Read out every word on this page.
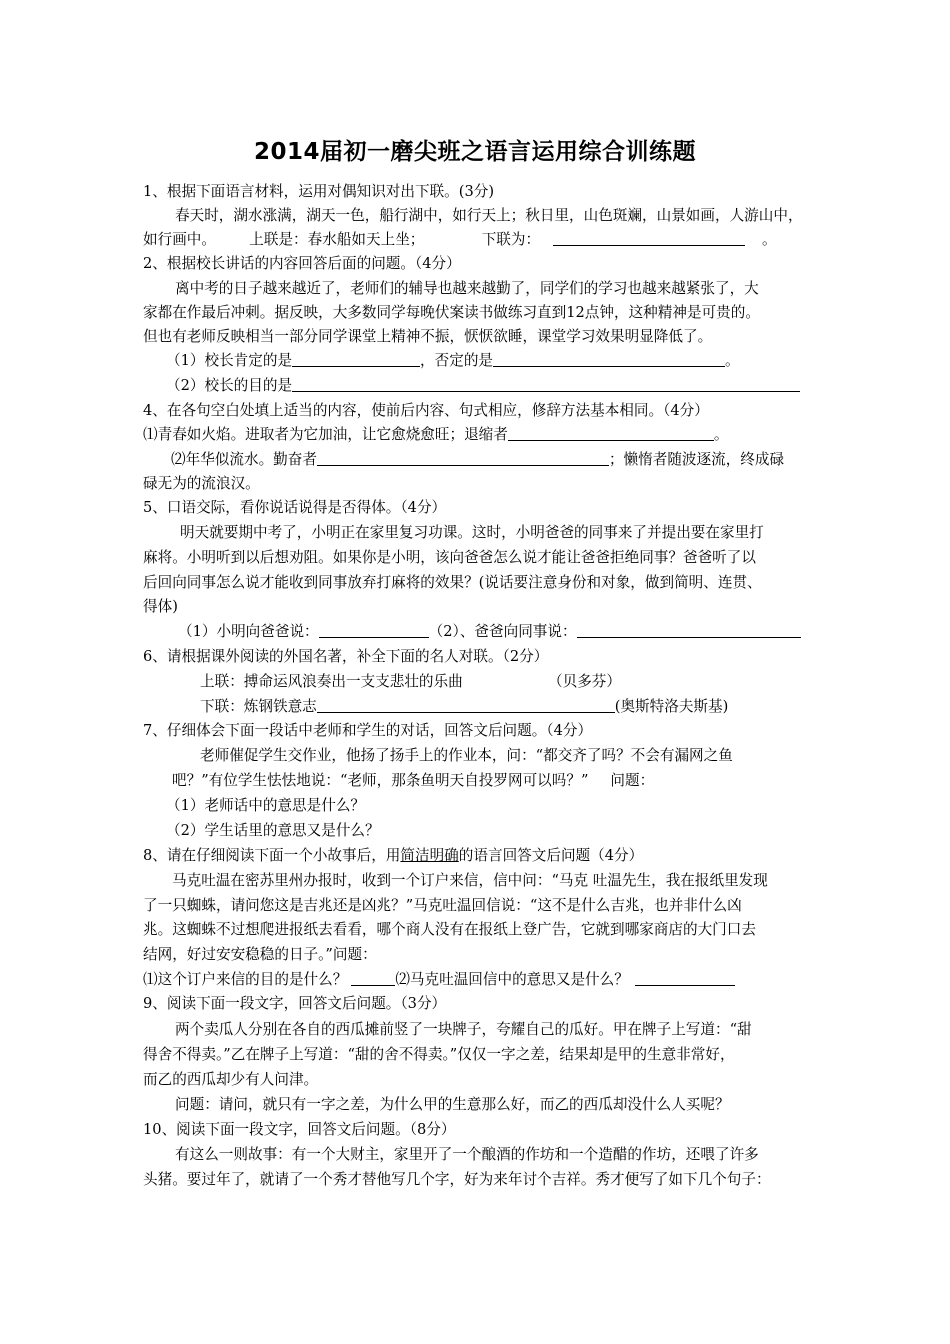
2014届初一磨尖班之语言运用综合训练题
1、根据下面语言材料，运用对偶知识对出下联。(3分)
春天时，湖水涨满，湖天一色，船行湖中，如行天上；秋日里，山色斑斓，山景如画，人游山中，
如行画中。 上联是：春水船如天上坐；	下联为：	。
2、根据校长讲话的内容回答后面的问题。（4分）
离中考的日子越来越近了，老师们的辅导也越来越勤了，同学们的学习也越来越紧张了，大
家都在作最后冲刺。据反映，大多数同学每晚伏案读书做练习直到12点钟，这种精神是可贵的。
但也有老师反映相当一部分同学课堂上精神不振，恹恹欲睡，课堂学习效果明显降低了。
（1）校长肯定的是	，否定的是	。
（2）校长的目的是
4、在各句空白处填上适当的内容，使前后内容、句式相应，修辞方法基本相同。（4分）
⑴青春如火焰。进取者为它加油，让它愈烧愈旺；退缩者	。
⑵年华似流水。勤奋者	；懒惰者随波逐流，终成碌
碌无为的流浪汉。
5、口语交际，看你说话说得是否得体。（4分）
明天就要期中考了，小明正在家里复习功课。这时，小明爸爸的同事来了并提出要在家里打
麻将。小明听到以后想劝阻。如果你是小明，该向爸爸怎么说才能让爸爸拒绝同事？爸爸听了以
后回向同事怎么说才能收到同事放弃打麻将的效果？(说话要注意身份和对象，做到简明、连贯、
得体)
（1）小明向爸爸说：	（2）、爸爸向同事说：
6、请根据课外阅读的外国名著，补全下面的名人对联。（2分）
上联：搏命运风浪奏出一支支悲壮的乐曲	（贝多芬）
下联：炼钢铁意志	(奥斯特洛夫斯基)
7、仔细体会下面一段话中老师和学生的对话，回答文后问题。（4分）
老师催促学生交作业，他扬了扬手上的作业本，问：“都交齐了吗？不会有漏网之鱼
吧？”有位学生怯怯地说：“老师，那条鱼明天自投罗网可以吗？” 问题：
（1）老师话中的意思是什么？
（2）学生话里的意思又是什么？
8、请在仔细阅读下面一个小故事后，用简洁明确的语言回答文后问题（4分）
马克吐温在密苏里州办报时，收到一个订户来信，信中问：“马克 吐温先生，我在报纸里发现
了一只蜘蛛，请问您这是吉兆还是凶兆？”马克吐温回信说：“这不是什么吉兆，也并非什么凶
兆。这蜘蛛不过想爬进报纸去看看，哪个商人没有在报纸上登广告，它就到哪家商店的大门口去
结网，好过安安稳稳的日子。”问题：
⑴这个订户来信的目的是什么？	⑵马克吐温回信中的意思又是什么？
9、阅读下面一段文字，回答文后问题。（3分）
两个卖瓜人分别在各自的西瓜摊前竖了一块牌子，夸耀自己的瓜好。甲在牌子上写道：“甜
得舍不得卖。”乙在牌子上写道：“甜的舍不得卖。”仅仅一字之差，结果却是甲的生意非常好，
而乙的西瓜却少有人问津。
问题：请问，就只有一字之差，为什么甲的生意那么好，而乙的西瓜却没什么人买呢？
10、阅读下面一段文字，回答文后问题。（8分）
有这么一则故事：有一个大财主，家里开了一个酿酒的作坊和一个造醋的作坊，还喂了许多
头猪。要过年了，就请了一个秀才替他写几个字，好为来年讨个吉祥。秀才便写了如下几个句子：
